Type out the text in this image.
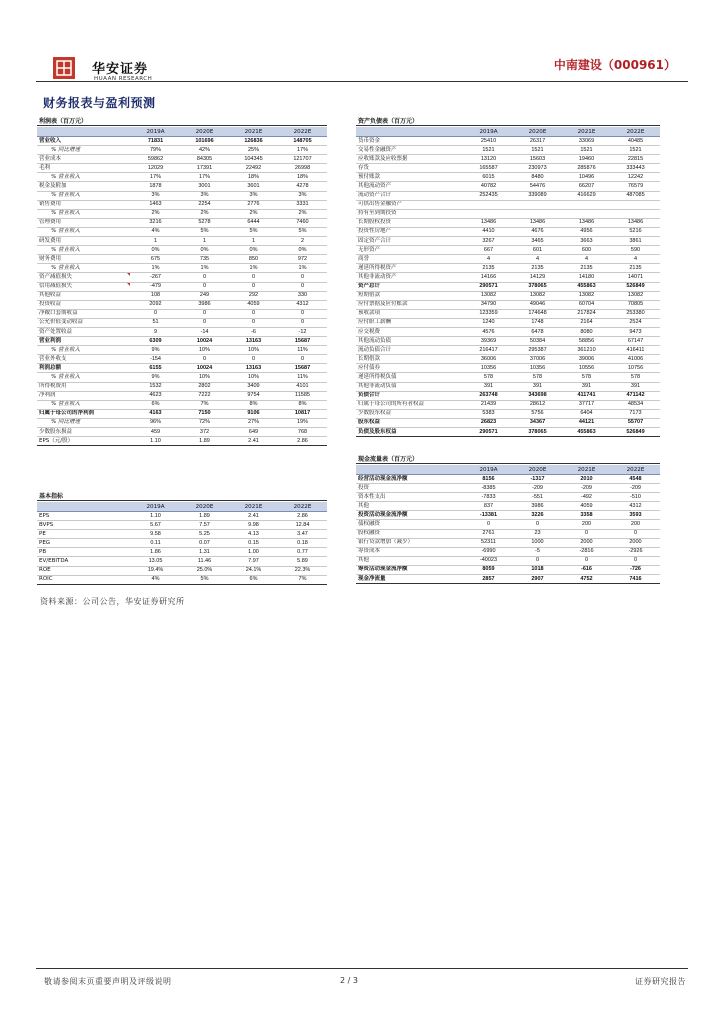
华安证券
HUAAN RESEARCH
中南建设（000961）
财务报表与盈利预测
利润表（百万元）
	2019A	2020E	2021E	2022E
营业收入	71831	101696	126836	148705
% 同比增速	79%	42%	25%	17%
营业成本	59862	84305	104345	121707
毛利	12029	17391	22492	26998
% 营业收入	17%	17%	18%	18%
税金及附加	1878	3001	3601	4278
% 营业收入	3%	3%	3%	3%
销售费用	1463	2254	2776	3331
% 营业收入	2%	2%	2%	2%
管理费用	3216	5278	6444	7460
% 营业收入	4%	5%	5%	5%
研发费用	1	1	1	2
% 营业收入	0%	0%	0%	0%
财务费用	675	735	850	972
% 营业收入	1%	1%	1%	1%
资产减值损失	-267	0	0	0
信用减值损失	-479	0	0	0
其他收益	108	249	292	330
投资收益	2092	3986	4059	4312
净敞口套期收益	0	0	0	0
公允价值变动收益	51	0	0	0
资产处置收益	9	-14	-6	-12
营业利润	6309	10024	13163	15687
% 营业收入	9%	10%	10%	11%
营业外收支	-154	0	0	0
利润总额	6155	10024	13163	15687
% 营业收入	9%	10%	10%	11%
所得税费用	1532	2802	3409	4101
净利润	4623	7222	9754	11585
% 营业收入	6%	7%	8%	8%
归属于母公司的净利润	4163	7150	9106	10817
% 同比增速	96%	72%	27%	19%
少数股东损益	459	372	649	768
EPS（元/股）	1.10	1.89	2.41	2.86
资产负债表（百万元）
	2019A	2020E	2021E	2022E
货币资金	25410	26317	33069	40485
交易性金融资产	1521	1521	1521	1521
应收账款及应收票据	13120	15603	19460	22815
存货	165587	230973	285876	333443
预付账款	6015	8480	10496	12242
其他流动资产	40782	54476	66207	76579
流动资产合计	252435	339089	416629	487085
可供出售金融资产				
持有至到期投资				
长期股权投资	13486	13486	13486	13486
投资性房地产	4410	4676	4956	5216
固定资产合计	3267	3465	3663	3861
无形资产	667	601	600	590
商誉	4	4	4	4
递延所得税资产	2135	2135	2135	2135
其他非流动资产	14166	14129	14180	14071
资产总计	290571	378065	455863	526849
短期借款	13082	13082	13082	13082
应付票据及应付账款	34790	49046	60704	70805
预收款项	123359	174648	217824	253380
应付职工薪酬	1240	1748	2164	2524
应交税费	4576	6478	8080	9473
其他流动负债	39369	50384	58856	67147
流动负债合计	216417	295387	361210	416411
长期借款	36006	37006	39006	41006
应付债券	10356	10356	10556	10756
递延所得税负债	578	578	578	578
其他非流动负债	391	391	391	391
负债合计	263748	343698	411741	471142
归属于母公司的所有者权益	21439	28612	37717	48534
少数股东权益	5383	5756	6404	7173
股东权益	26823	34367	44121	55707
负债及股东权益	290571	378065	455863	526849
现金流量表（百万元）
	2019A	2020E	2021E	2022E
经营活动现金流净额	8156	-1317	2010	4548
投资	-8385	-209	-209	-209
资本性支出	-7833	-551	-492	-510
其他	837	3986	4059	4312
投资活动现金流净额	-13381	3226	3358	3593
债权融资	0	0	200	200
股权融资	2761	23	0	0
银行贷款增加（减少）	52311	1000	2000	2000
筹资成本	-6990	-5	-2816	-2926
其他	-40023	0	0	0
筹资活动现金流净额	8059	1018	-616	-726
现金净流量	2857	2907	4752	7416
基本指标
	2019A	2020E	2021E	2022E
EPS	1.10	1.89	2.41	2.86
BVPS	5.67	7.57	9.98	12.84
PE	9.58	5.25	4.13	3.47
PEG	0.11	0.07	0.15	0.18
PB	1.86	1.31	1.00	0.77
EV/EBITDA	13.05	11.46	7.97	5.89
ROE	19.4%	25.0%	24.1%	22.3%
ROIC	4%	5%	6%	7%
资料来源：公司公告，华安证券研究所
敬请参阅末页重要声明及评级说明	2 / 3	证券研究报告
